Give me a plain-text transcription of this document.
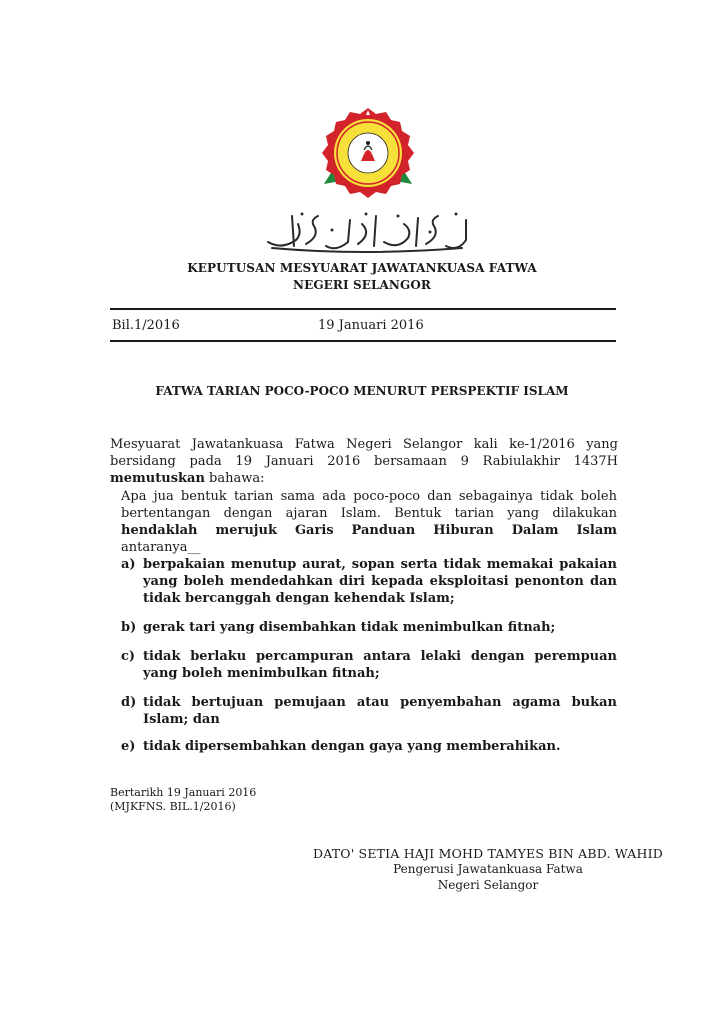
KEPUTUSAN MESYUARAT JAWATANKUASA FATWA
NEGERI SELANGOR
Bil.1/2016	19 Januari 2016
FATWA TARIAN POCO-POCO MENURUT PERSPEKTIF ISLAM
Mesyuarat Jawatankuasa Fatwa Negeri Selangor kali ke-1/2016 yang bersidang pada 19 Januari 2016 bersamaan 9 Rabiulakhir 1437H memutuskan bahawa:
Apa jua bentuk tarian sama ada poco-poco dan sebagainya tidak boleh bertentangan dengan ajaran Islam. Bentuk tarian yang dilakukan hendaklah merujuk Garis Panduan Hiburan Dalam Islam antaranya__
a) berpakaian menutup aurat, sopan serta tidak memakai pakaian yang boleh mendedahkan diri kepada eksploitasi penonton dan tidak bercanggah dengan kehendak Islam;
b) gerak tari yang disembahkan tidak menimbulkan fitnah;
c) tidak berlaku percampuran antara lelaki dengan perempuan yang boleh menimbulkan fitnah;
d) tidak bertujuan pemujaan atau penyembahan agama bukan Islam; dan
e) tidak dipersembahkan dengan gaya yang memberahikan.
Bertarikh 19 Januari 2016
(MJKFNS. BIL.1/2016)
DATO' SETIA HAJI MOHD TAMYES BIN ABD. WAHID
Pengerusi Jawatankuasa Fatwa
Negeri Selangor
